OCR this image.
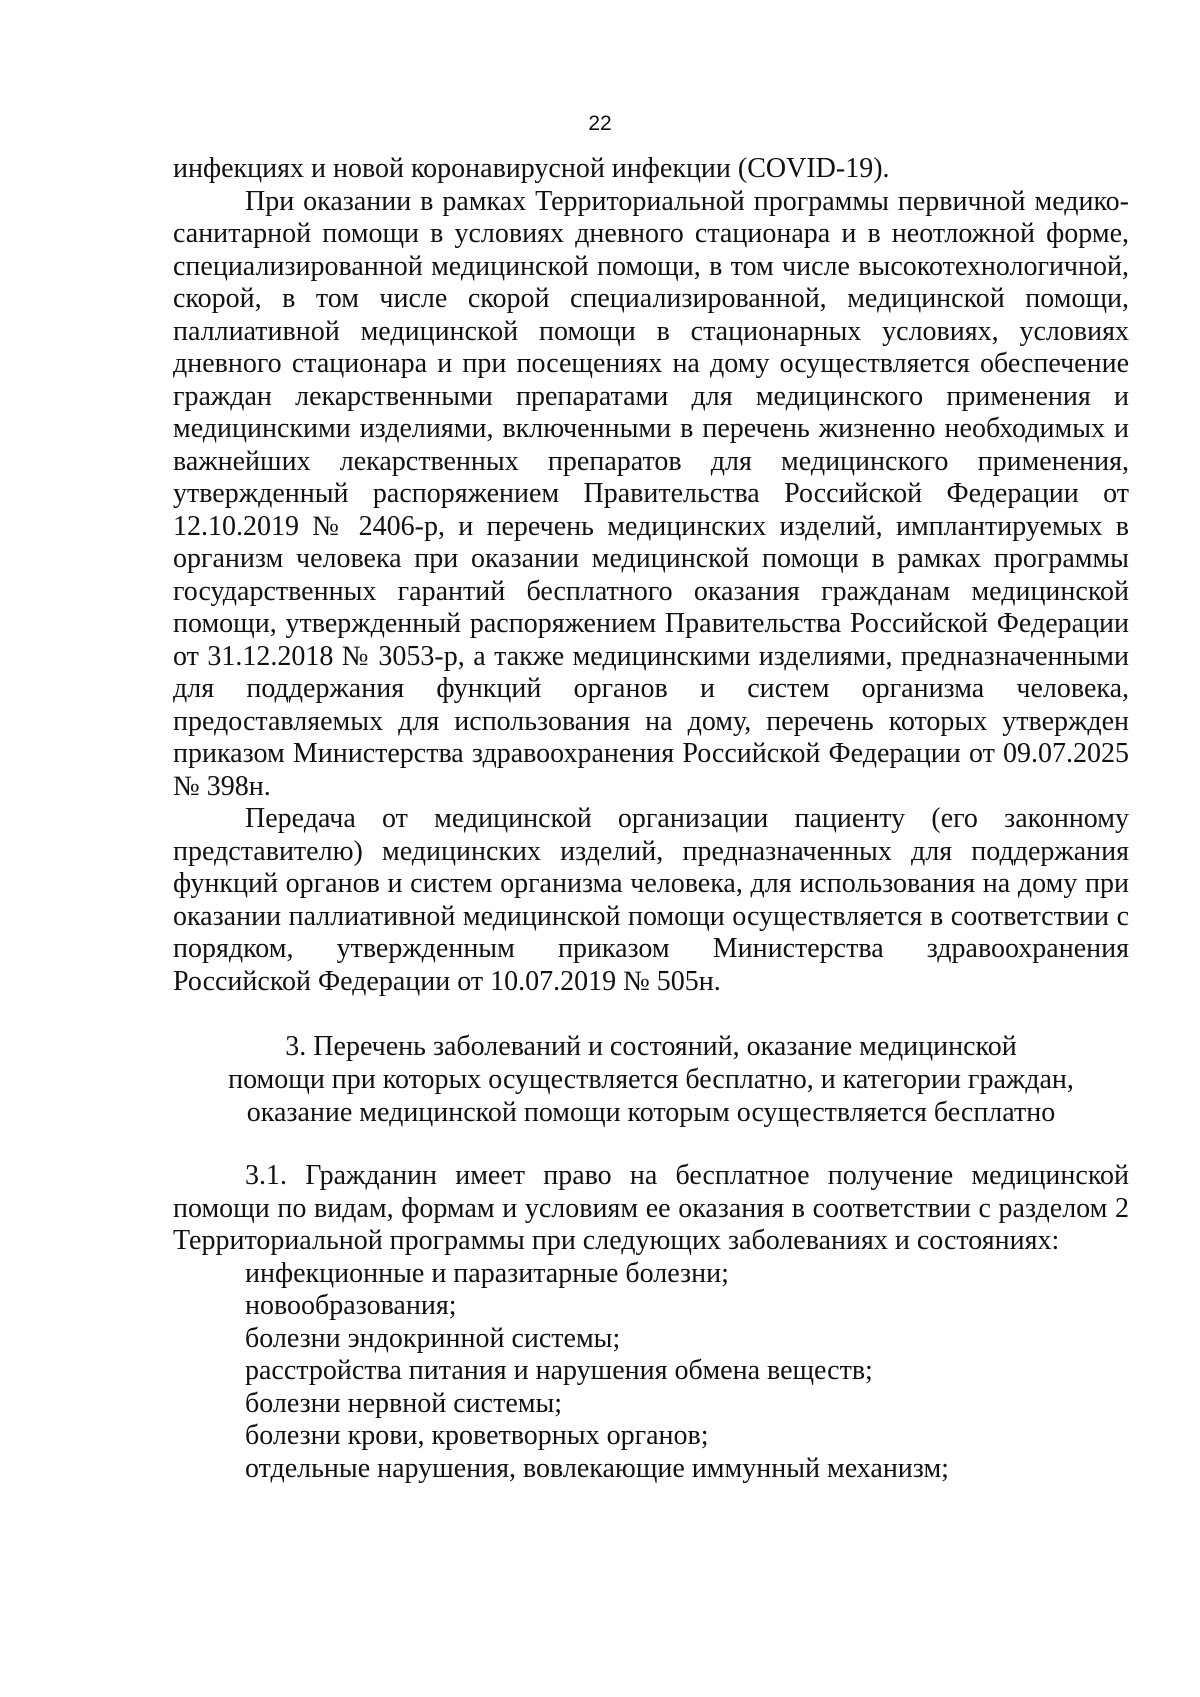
22

инфекциях и новой коронавирусной инфекции (COVID-19).

При оказании в рамках Территориальной программы первичной медико-санитарной помощи в условиях дневного стационара и в неотложной форме, специализированной медицинской помощи, в том числе высокотехнологичной, скорой, в том числе скорой специализированной, медицинской помощи, паллиативной медицинской помощи в стационарных условиях, условиях дневного стационара и при посещениях на дому осуществляется обеспечение граждан лекарственными препаратами для медицинского применения и медицинскими изделиями, включенными в перечень жизненно необходимых и важнейших лекарственных препаратов для медицинского применения, утвержденный распоряжением Правительства Российской Федерации от 12.10.2019 № 2406-р, и перечень медицинских изделий, имплантируемых в организм человека при оказании медицинской помощи в рамках программы государственных гарантий бесплатного оказания гражданам медицинской помощи, утвержденный распоряжением Правительства Российской Федерации от 31.12.2018 № 3053-р, а также медицинскими изделиями, предназначенными для поддержания функций органов и систем организма человека, предоставляемых для использования на дому, перечень которых утвержден приказом Министерства здравоохранения Российской Федерации от 09.07.2025 № 398н.

Передача от медицинской организации пациенту (его законному представителю) медицинских изделий, предназначенных для поддержания функций органов и систем организма человека, для использования на дому при оказании паллиативной медицинской помощи осуществляется в соответствии с порядком, утвержденным приказом Министерства здравоохранения Российской Федерации от 10.07.2019 № 505н.

3. Перечень заболеваний и состояний, оказание медицинской
помощи при которых осуществляется бесплатно, и категории граждан,
оказание медицинской помощи которым осуществляется бесплатно

3.1. Гражданин имеет право на бесплатное получение медицинской помощи по видам, формам и условиям ее оказания в соответствии с разделом 2 Территориальной программы при следующих заболеваниях и состояниях:

инфекционные и паразитарные болезни;
новообразования;
болезни эндокринной системы;
расстройства питания и нарушения обмена веществ;
болезни нервной системы;
болезни крови, кроветворных органов;
отдельные нарушения, вовлекающие иммунный механизм;
